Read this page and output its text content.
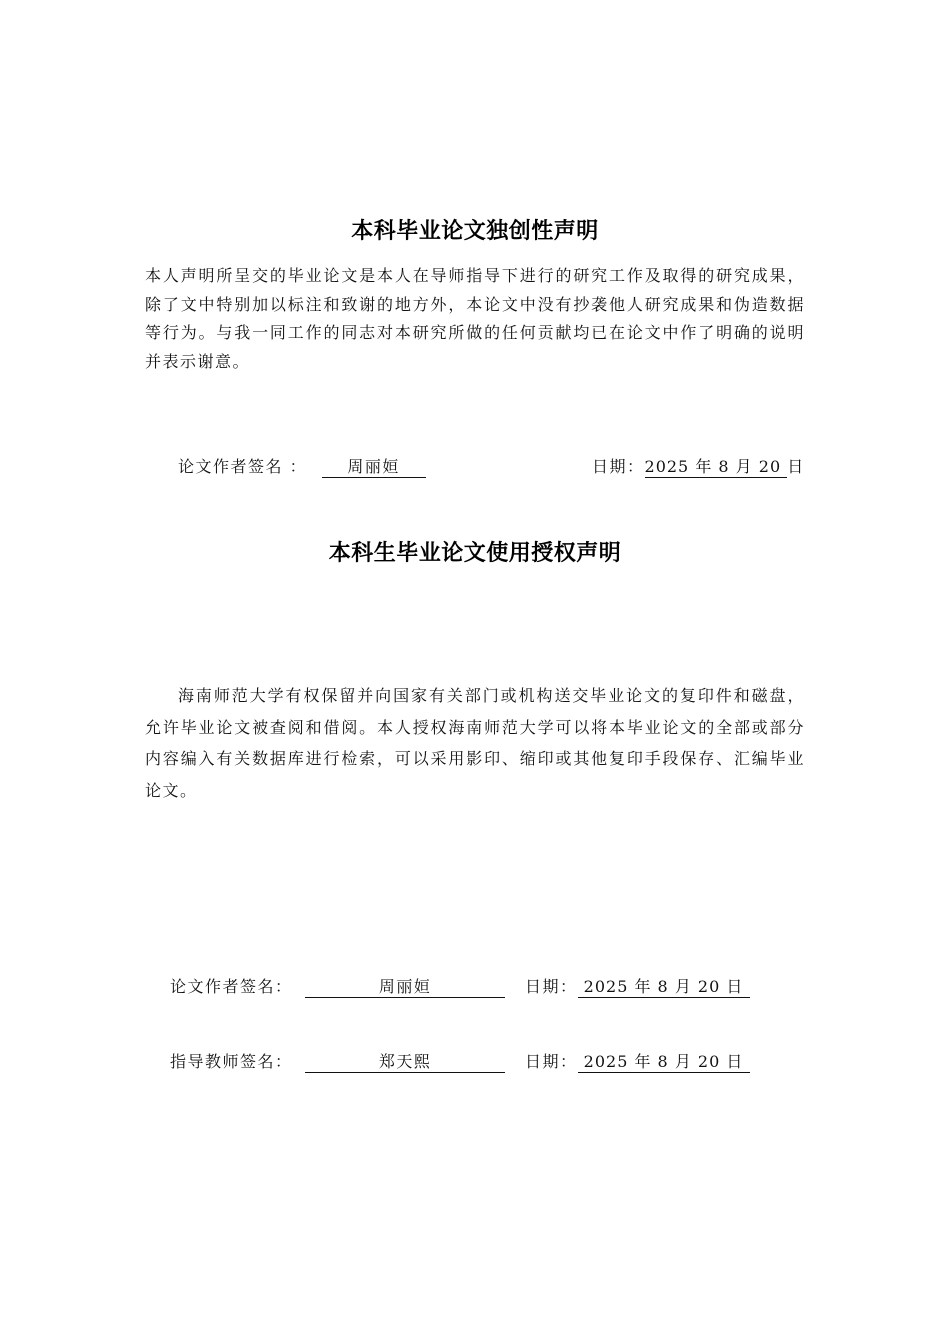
本科毕业论文独创性声明
本人声明所呈交的毕业论文是本人在导师指导下进行的研究工作及取得的研究成果，除了文中特别加以标注和致谢的地方外，本论文中没有抄袭他人研究成果和伪造数据等行为。与我一同工作的同志对本研究所做的任何贡献均已在论文中作了明确的说明并表示谢意。
论文作者签名 ：	周丽姮	日期：2025 年 8 月 20 日
本科生毕业论文使用授权声明
海南师范大学有权保留并向国家有关部门或机构送交毕业论文的复印件和磁盘，允许毕业论文被查阅和借阅。本人授权海南师范大学可以将本毕业论文的全部或部分内容编入有关数据库进行检索，可以采用影印、缩印或其他复印手段保存、汇编毕业论文。
论文作者签名：	周丽姮	日期： 2025 年 8 月 20 日
指导教师签名：	郑天熙	日期： 2025 年 8 月 20 日
